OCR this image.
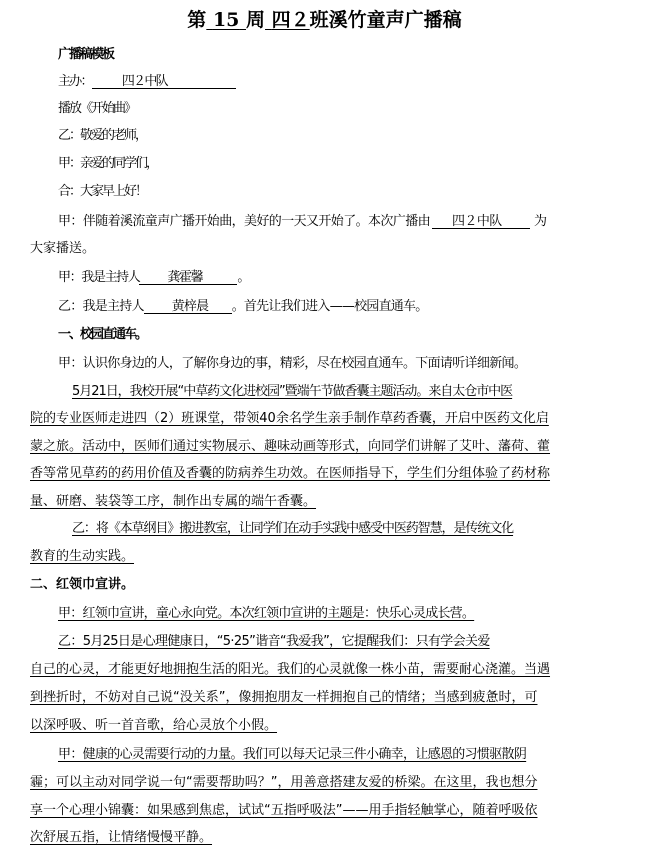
第 15 周 四２班溪竹童声广播稿
广播稿模板
主办： 四２中队
播放《开始曲》
乙：敬爱的老师，
甲：亲爱的同学们，
合：大家早上好！
甲：伴随着溪流童声广播开始曲，美好的一天又开始了。本次广播由 四２中队 为
大家播送。
甲：我是主持人 龚霍馨	。
乙：我是主持人 黄梓晨 。首先让我们进入——校园直通车。
一、校园直通车。
甲：认识你身边的人，了解你身边的事，精彩，尽在校园直通车。下面请听详细新闻。
5月21日，我校开展“中草药文化进校园”暨端午节做香囊主题活动。来自太仓市中医
院的专业医师走进四（2）班课堂，带领40余名学生亲手制作草药香囊，开启中医药文化启
蒙之旅。活动中，医师们通过实物展示、趣味动画等形式，向同学们讲解了艾叶、藩荷、藿
香等常见草药的药用价值及香囊的防病养生功效。在医师指导下，学生们分组体验了药材称
量、研磨、装袋等工序，制作出专属的端午香囊。
乙：将《本草纲目》搬进教室，让同学们在动手实践中感受中医药智慧，是传统文化
教育的生动实践。
二、红领巾宣讲。
甲：红领巾宣讲，童心永向党。本次红领巾宣讲的主题是：快乐心灵成长营。
乙：5月25日是心理健康日，“5·25”谐音“我爱我”，它提醒我们：只有学会关爱
自己的心灵，才能更好地拥抱生活的阳光。我们的心灵就像一株小苗，需要耐心浇灌。当遇
到挫折时，不妨对自己说“没关系”，像拥抱朋友一样拥抱自己的情绪；当感到疲惫时，可
以深呼吸、听一首音歌，给心灵放个小假。
甲：健康的心灵需要行动的力量。我们可以每天记录三件小确幸，让感恩的习惯驱散阴
霾；可以主动对同学说一句“需要帮助吗？”，用善意搭建友爱的桥梁。在这里，我也想分
享一个心理小锦囊：如果感到焦虑，试试“五指呼吸法”——用手指轻触掌心，随着呼吸依
次舒展五指，让情绪慢慢平静。
